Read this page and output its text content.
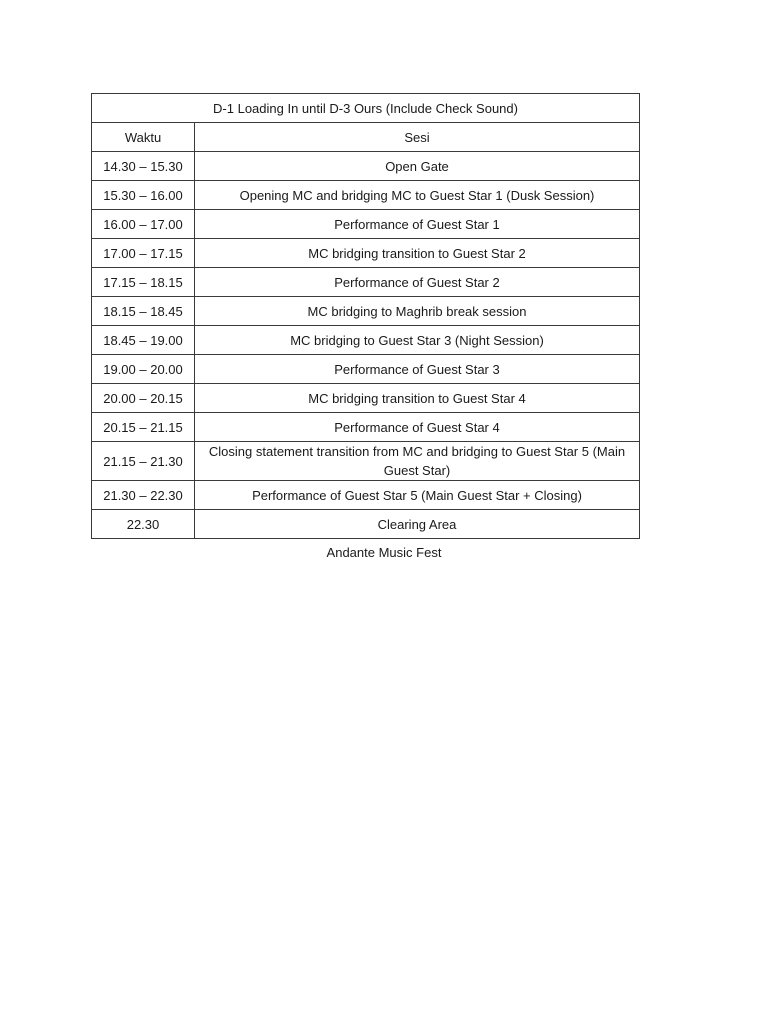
D-1 Loading In until D-3 Ours (Include Check Sound)	
Waktu	Sesi
14.30 – 15.30	Open Gate
15.30 – 16.00	Opening MC and bridging MC to Guest Star 1 (Dusk Session)
16.00 – 17.00	Performance of Guest Star 1
17.00 – 17.15	MC bridging transition to Guest Star 2
17.15 – 18.15	Performance of Guest Star 2
18.15 – 18.45	MC bridging to Maghrib break session
18.45 – 19.00	MC bridging to Guest Star 3 (Night Session)
19.00 – 20.00	Performance of Guest Star 3
20.00 – 20.15	MC bridging transition to Guest Star 4
20.15 – 21.15	Performance of Guest Star 4
21.15 – 21.30	Closing statement transition from MC and bridging to Guest Star 5 (Main Guest Star)
21.30 – 22.30	Performance of Guest Star 5 (Main Guest Star + Closing)
22.30	Clearing Area
Andante Music Fest
